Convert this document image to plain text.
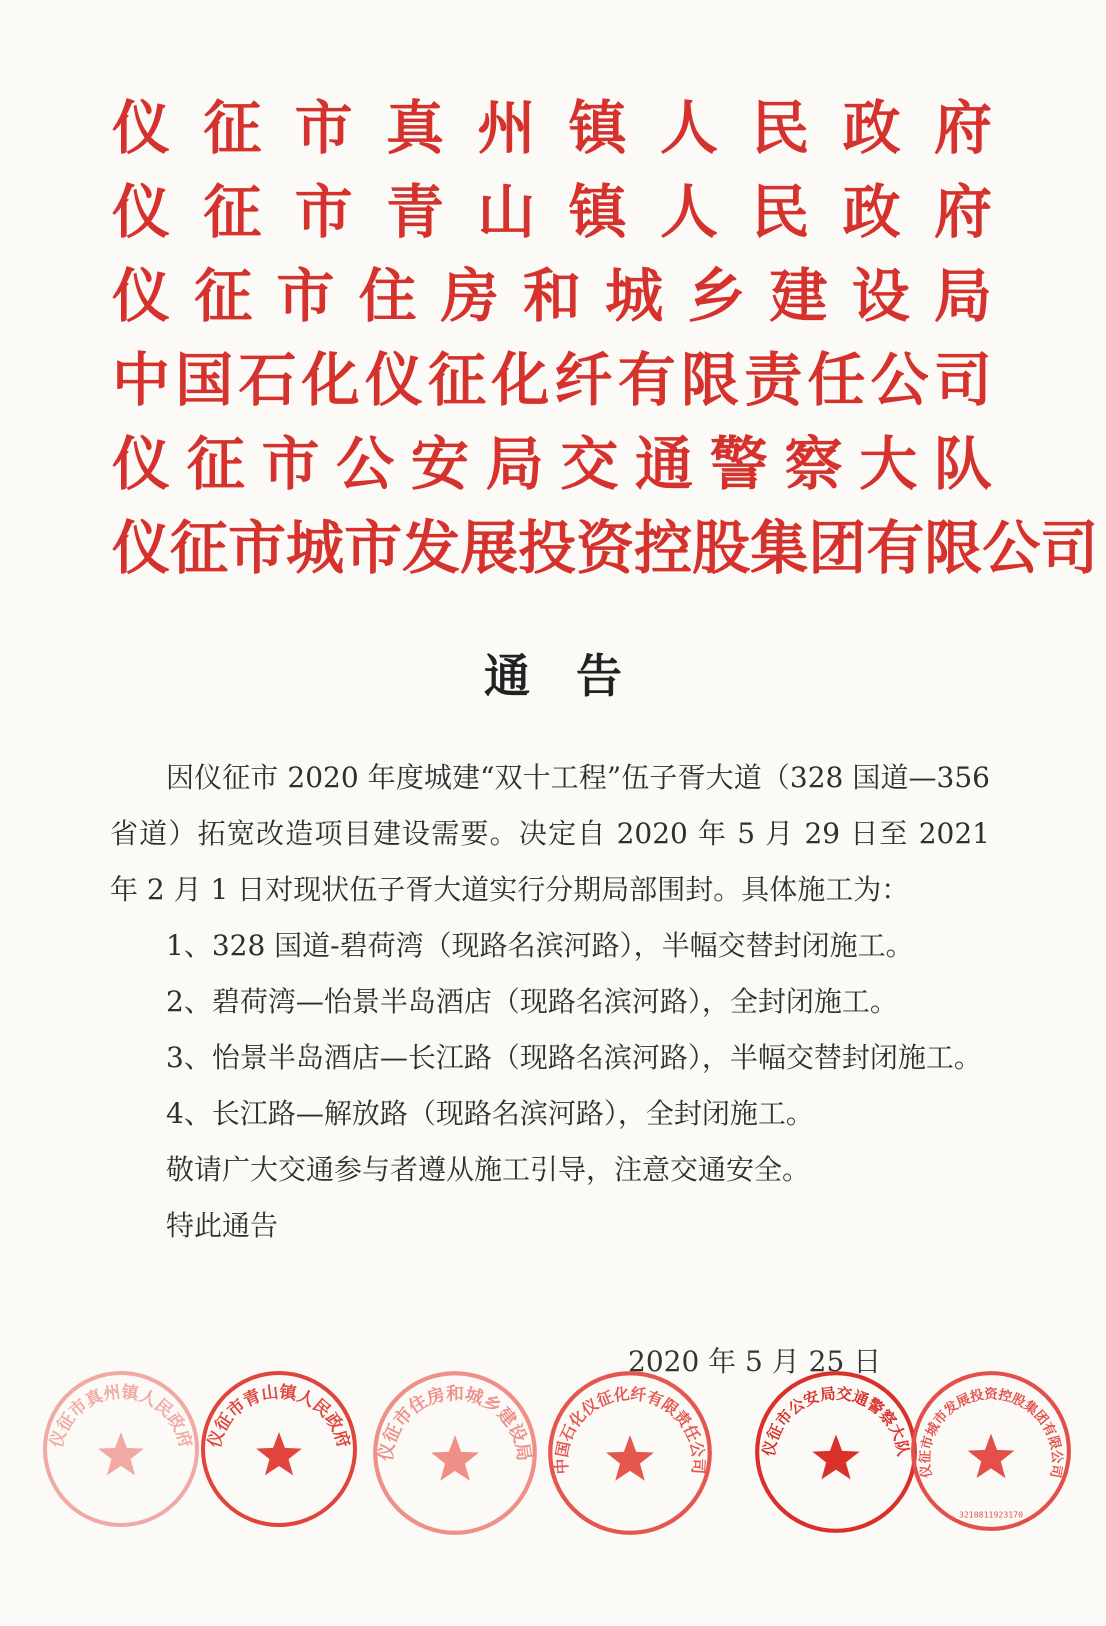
仪 征 市 真 州 镇 人 民 政 府
仪 征 市 青 山 镇 人 民 政 府
仪 征 市 住 房 和 城 乡 建 设 局
中 国 石 化 仪 征 化 纤 有 限 责 任 公 司
仪 征 市 公 安 局 交 通 警 察 大 队
仪 征 市 城 市 发 展 投 资 控 股 集 团 有 限 公 司
通告

因仪征市 2020 年度城建“双十工程”伍子胥大道（328 国道—356 省道）拓宽改造项目建设需要。决定自 2020 年 5 月 29 日至 2021 年 2 月 1 日对现状伍子胥大道实行分期局部围封。具体施工为：

1、328 国道-碧荷湾（现路名滨河路），半幅交替封闭施工。

2、碧荷湾—怡景半岛酒店（现路名滨河路），全封闭施工。

3、怡景半岛酒店—长江路（现路名滨河路），半幅交替封闭施工。

4、长江路—解放路（现路名滨河路），全封闭施工。

敬请广大交通参与者遵从施工引导，注意交通安全。

特此通告

2020 年 5 月 25 日
仪征市真州镇人民政府 仪征市青山镇人民政府
仪征市住房和城乡建设局
中国石化仪征化纤有限责任公司
仪征市公安局交通警察大队
仪征市城市发展投资控股集团有限公司
3210811923170
